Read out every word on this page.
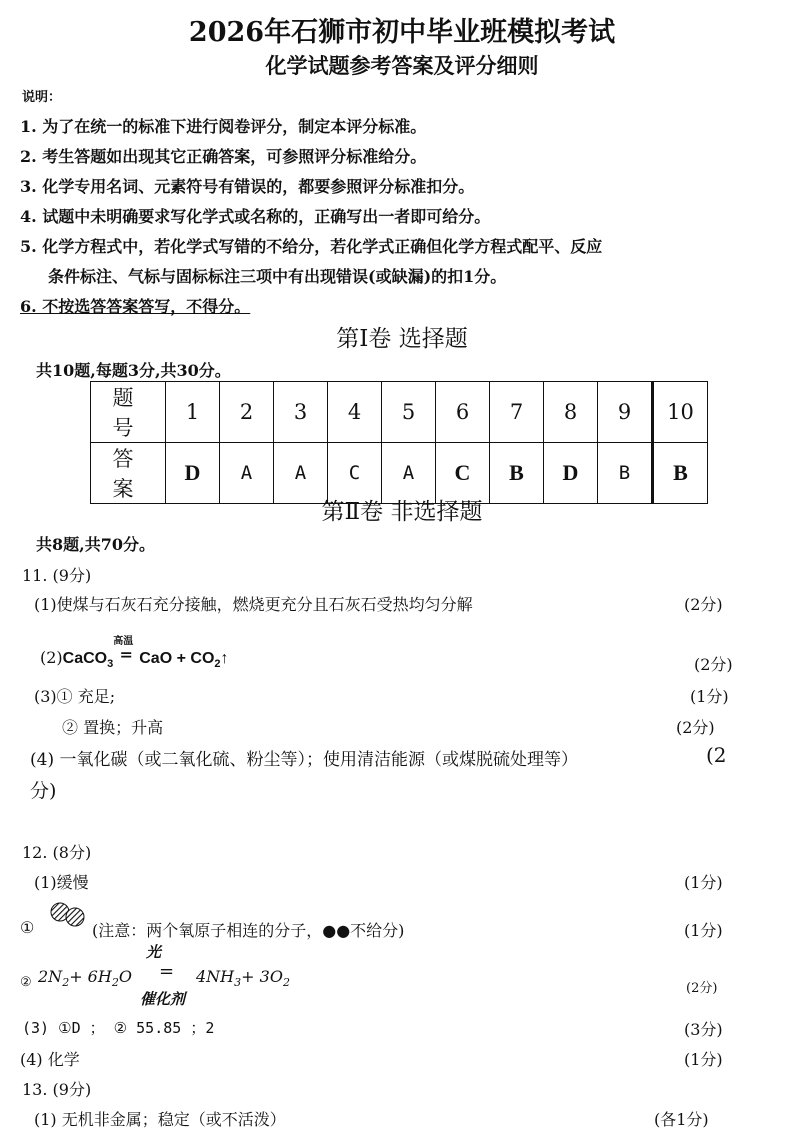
2026年石狮市初中毕业班模拟考试
化学试题参考答案及评分细则
说明：
1. 为了在统一的标准下进行阅卷评分，制定本评分标准。
2. 考生答题如出现其它正确答案，可参照评分标准给分。
3. 化学专用名词、元素符号有错误的，都要参照评分标准扣分。
4. 试题中未明确要求写化学式或名称的，正确写出一者即可给分。
5. 化学方程式中，若化学式写错的不给分，若化学式正确但化学方程式配平、反应
条件标注、气标与固标标注三项中有出现错误(或缺漏)的扣1分。
6. 不按选答答案答写，不得分。
第Ⅰ卷 选择题
共10题,每题3分,共30分。
题 号	1	2	3	4	5	6	7	8	9	10
答 案	D	A	A	C	A	C	B	D	B	B
第Ⅱ卷 非选择题
共8题,共70分。
11. (9分)
(1)使煤与石灰石充分接触，燃烧更充分且石灰石受热均匀分解	(2分)
(2)CaCO$_3$
高温
= CaO + $CO_2↑$	(2分)
(3)① 充足;	(1分)
② 置换；升高	(2分)
(4) 一氧化碳（或二氧化硫、粉尘等）；使用清洁能源（或煤脱硫处理等）	(2
分)
12. (8分)
(1)缓慢	(1分)
①	(注意：两个氧原子相连的分子，●●不给分)	(1分)
② $2N_2+ 6H_2O$
光
=
催化剂
$4NH_3+ 3O_2$	(2分)
(3) ①D ； ② 55.85 ；2	(3分)
(4) 化学	(1分)
13. (9分)
(1) 无机非金属；稳定（或不活泼）	(各1分)
